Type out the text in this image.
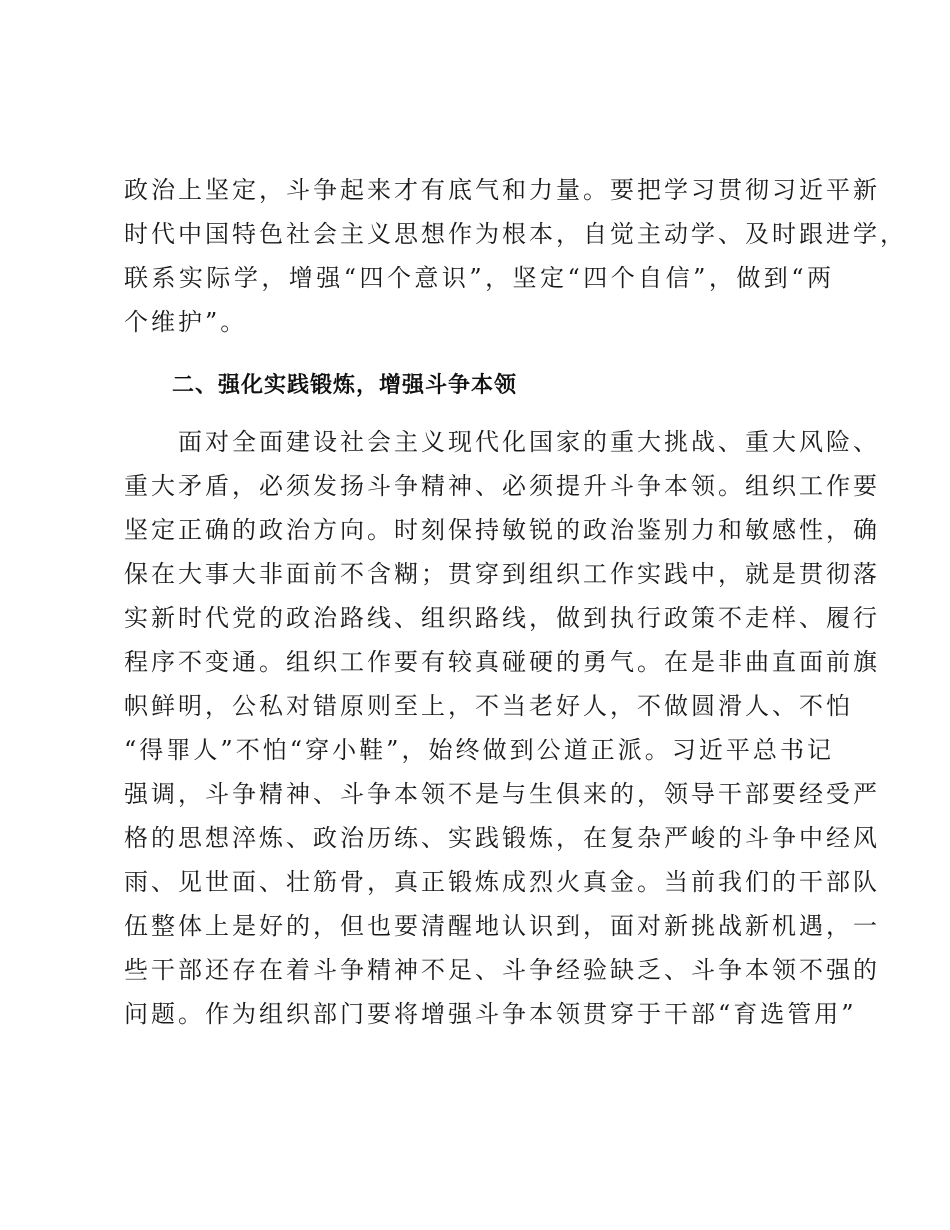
政治上坚定，斗争起来才有底气和力量。要把学习贯彻习近平新
时代中国特色社会主义思想作为根本，自觉主动学、及时跟进学，
联系实际学，增强“四个意识”，坚定“四个自信”，做到“两
个维护”。
二、强化实践锻炼，增强斗争本领
　　面对全面建设社会主义现代化国家的重大挑战、重大风险、
重大矛盾，必须发扬斗争精神、必须提升斗争本领。组织工作要
坚定正确的政治方向。时刻保持敏锐的政治鉴别力和敏感性，确
保在大事大非面前不含糊；贯穿到组织工作实践中，就是贯彻落
实新时代党的政治路线、组织路线，做到执行政策不走样、履行
程序不变通。组织工作要有较真碰硬的勇气。在是非曲直面前旗
帜鲜明，公私对错原则至上，不当老好人，不做圆滑人、不怕
“得罪人”不怕“穿小鞋”，始终做到公道正派。习近平总书记
强调，斗争精神、斗争本领不是与生俱来的，领导干部要经受严
格的思想淬炼、政治历练、实践锻炼，在复杂严峻的斗争中经风
雨、见世面、壮筋骨，真正锻炼成烈火真金。当前我们的干部队
伍整体上是好的，但也要清醒地认识到，面对新挑战新机遇，一
些干部还存在着斗争精神不足、斗争经验缺乏、斗争本领不强的
问题。作为组织部门要将增强斗争本领贯穿于干部“育选管用”
